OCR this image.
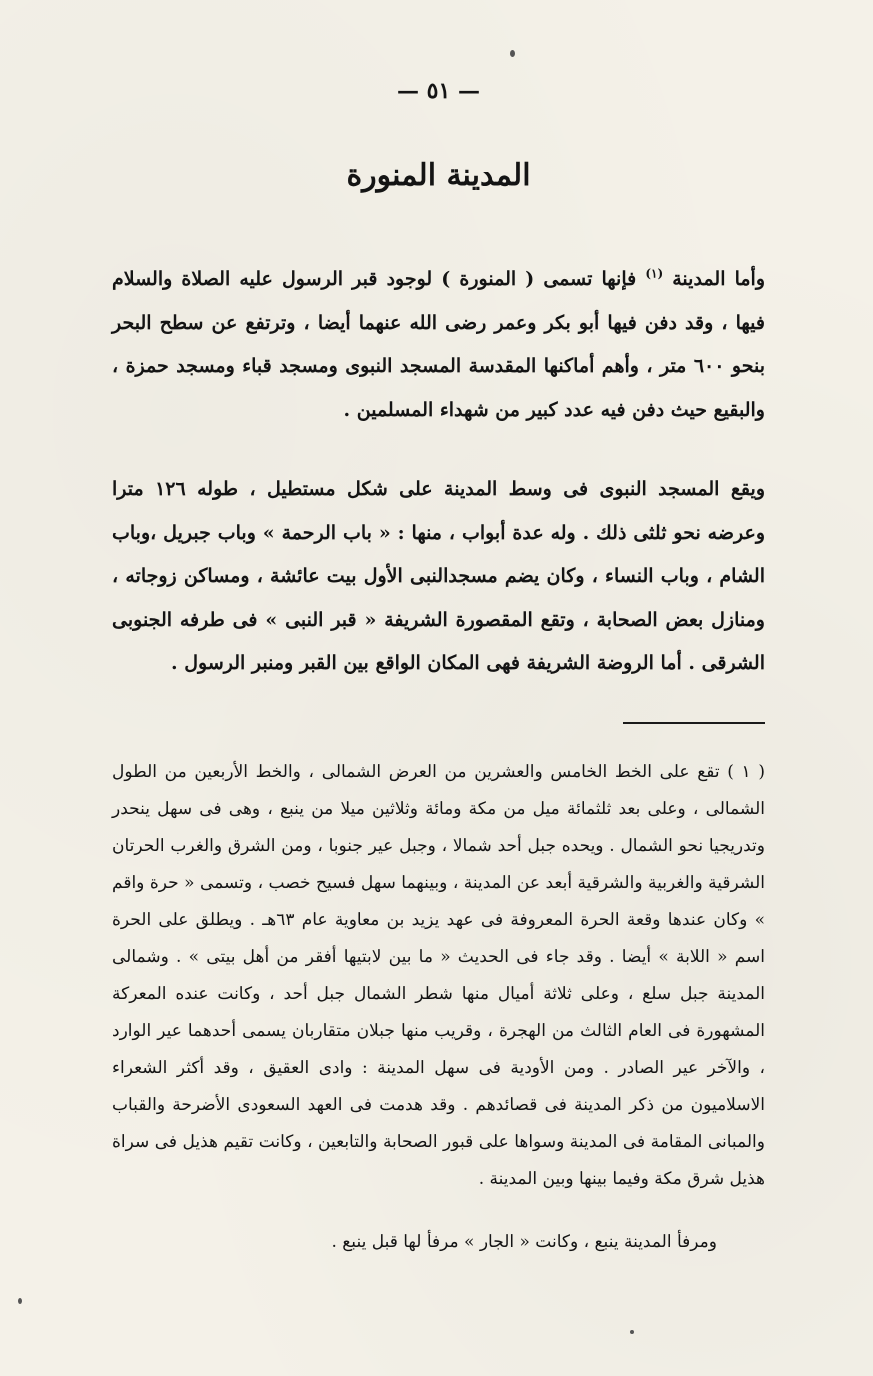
— ٥١ —
المدينة المنورة

وأما المدينة $^{(١)}$ فإنها تسمى ( المنورة ) لوجود قبر الرسول عليه الصلاة والسلام فيها ، وقد دفن فيها أبو بكر وعمر رضى الله عنهما أيضا ، وترتفع عن سطح البحر بنحو ٦٠٠ متر ، وأهم أماكنها المقدسة المسجد النبوى ومسجد قباء ومسجد حمزة ، والبقيع حيث دفن فيه عدد كبير من شهداء المسلمين .

ويقع المسجد النبوى فى وسط المدينة على شكل مستطيل ، طوله ١٢٦ مترا وعرضه نحو ثلثى ذلك . وله عدة أبواب ، منها : « باب الرحمة » وباب جبريل ،وباب الشام ، وباب النساء ، وكان يضم مسجدالنبى الأول بيت عائشة ، ومساكن زوجاته ، ومنازل بعض الصحابة ، وتقع المقصورة الشريفة « قبر النبى » فى طرفه الجنوبى الشرقى . أما الروضة الشريفة فهى المكان الواقع بين القبر ومنبر الرسول .

( ١ ) تقع على الخط الخامس والعشرين من العرض الشمالى ، والخط الأربعين من الطول الشمالى ، وعلى بعد ثلثمائة ميل من مكة ومائة وثلاثين ميلا من ينبع ، وهى فى سهل ينحدر وتدريجيا نحو الشمال . ويحده جبل أحد شمالا ، وجبل عير جنوبا ، ومن الشرق والغرب الحرتان الشرقية والغربية والشرقية أبعد عن المدينة ، وبينهما سهل فسيح خصب ، وتسمى « حرة واقم » وكان عندها وقعة الحرة المعروفة فى عهد يزيد بن معاوية عام ٦٣هـ . ويطلق على الحرة اسم « اللابة » أيضا . وقد جاء فى الحديث « ما بين لابتيها أفقر من أهل بيتى » . وشمالى المدينة جبل سلع ، وعلى ثلاثة أميال منها شطر الشمال جبل أحد ، وكانت عنده المعركة المشهورة فى العام الثالث من الهجرة ، وقريب منها جبلان متقاربان يسمى أحدهما عير الوارد ، والآخر عير الصادر . ومن الأودية فى سهل المدينة : وادى العقيق ، وقد أكثر الشعراء الاسلاميون من ذكر المدينة فى قصائدهم . وقد هدمت فى العهد السعودى الأضرحة والقباب والمبانى المقامة فى المدينة وسواها على قبور الصحابة والتابعين ، وكانت تقيم هذيل فى سراة هذيل شرق مكة وفيما بينها وبين المدينة .

ومرفأ المدينة ينبع ، وكانت « الجار » مرفأ لها قبل ينبع .
